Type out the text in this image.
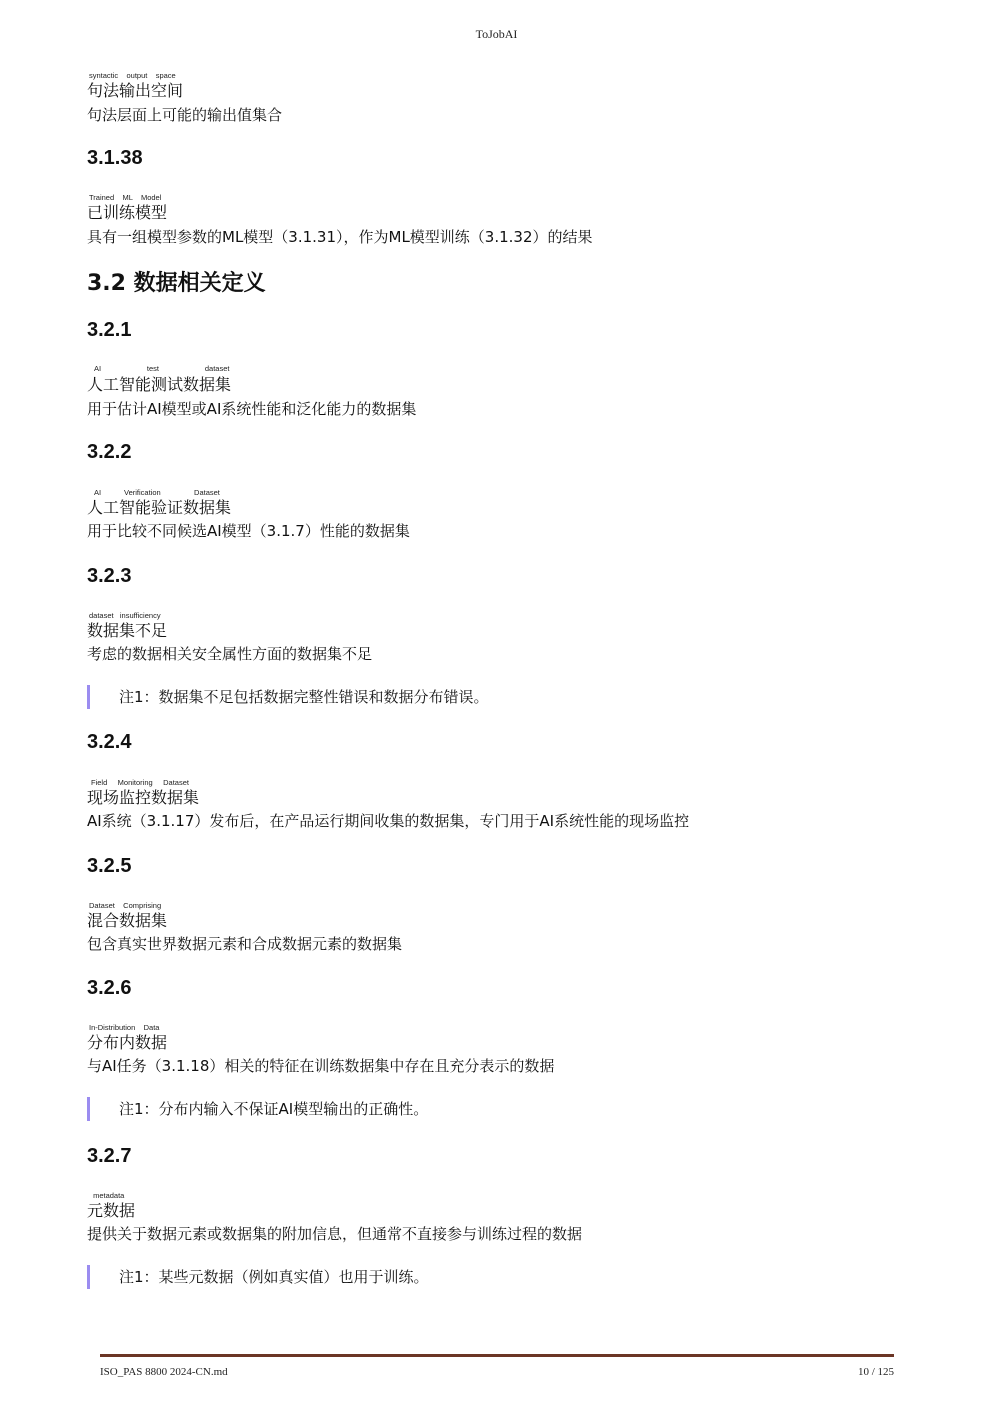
ToJobAI
syntactic    output    space
句法输出空间
句法层面上可能的输出值集合
3.1.38
Trained    ML    Model
已训练模型
具有一组模型参数的ML模型（3.1.31），作为ML模型训练（3.1.32）的结果
3.2 数据相关定义
3.2.1
AI                      test                      dataset
人工智能测试数据集
用于估计AI模型或AI系统性能和泛化能力的数据集
3.2.2
AI           Verification                Dataset
人工智能验证数据集
用于比较不同候选AI模型（3.1.7）性能的数据集
3.2.3
dataset   insufficiency
数据集不足
考虑的数据相关安全属性方面的数据集不足
注1：数据集不足包括数据完整性错误和数据分布错误。
3.2.4
Field     Monitoring     Dataset
现场监控数据集
AI系统（3.1.17）发布后，在产品运行期间收集的数据集，专门用于AI系统性能的现场监控
3.2.5
Dataset    Comprising
混合数据集
包含真实世界数据元素和合成数据元素的数据集
3.2.6
In-Distribution    Data
分布内数据
与AI任务（3.1.18）相关的特征在训练数据集中存在且充分表示的数据
注1：分布内输入不保证AI模型输出的正确性。
3.2.7
metadata
元数据
提供关于数据元素或数据集的附加信息，但通常不直接参与训练过程的数据
注1：某些元数据（例如真实值）也用于训练。
ISO_PAS 8800 2024-CN.md	10 / 125
